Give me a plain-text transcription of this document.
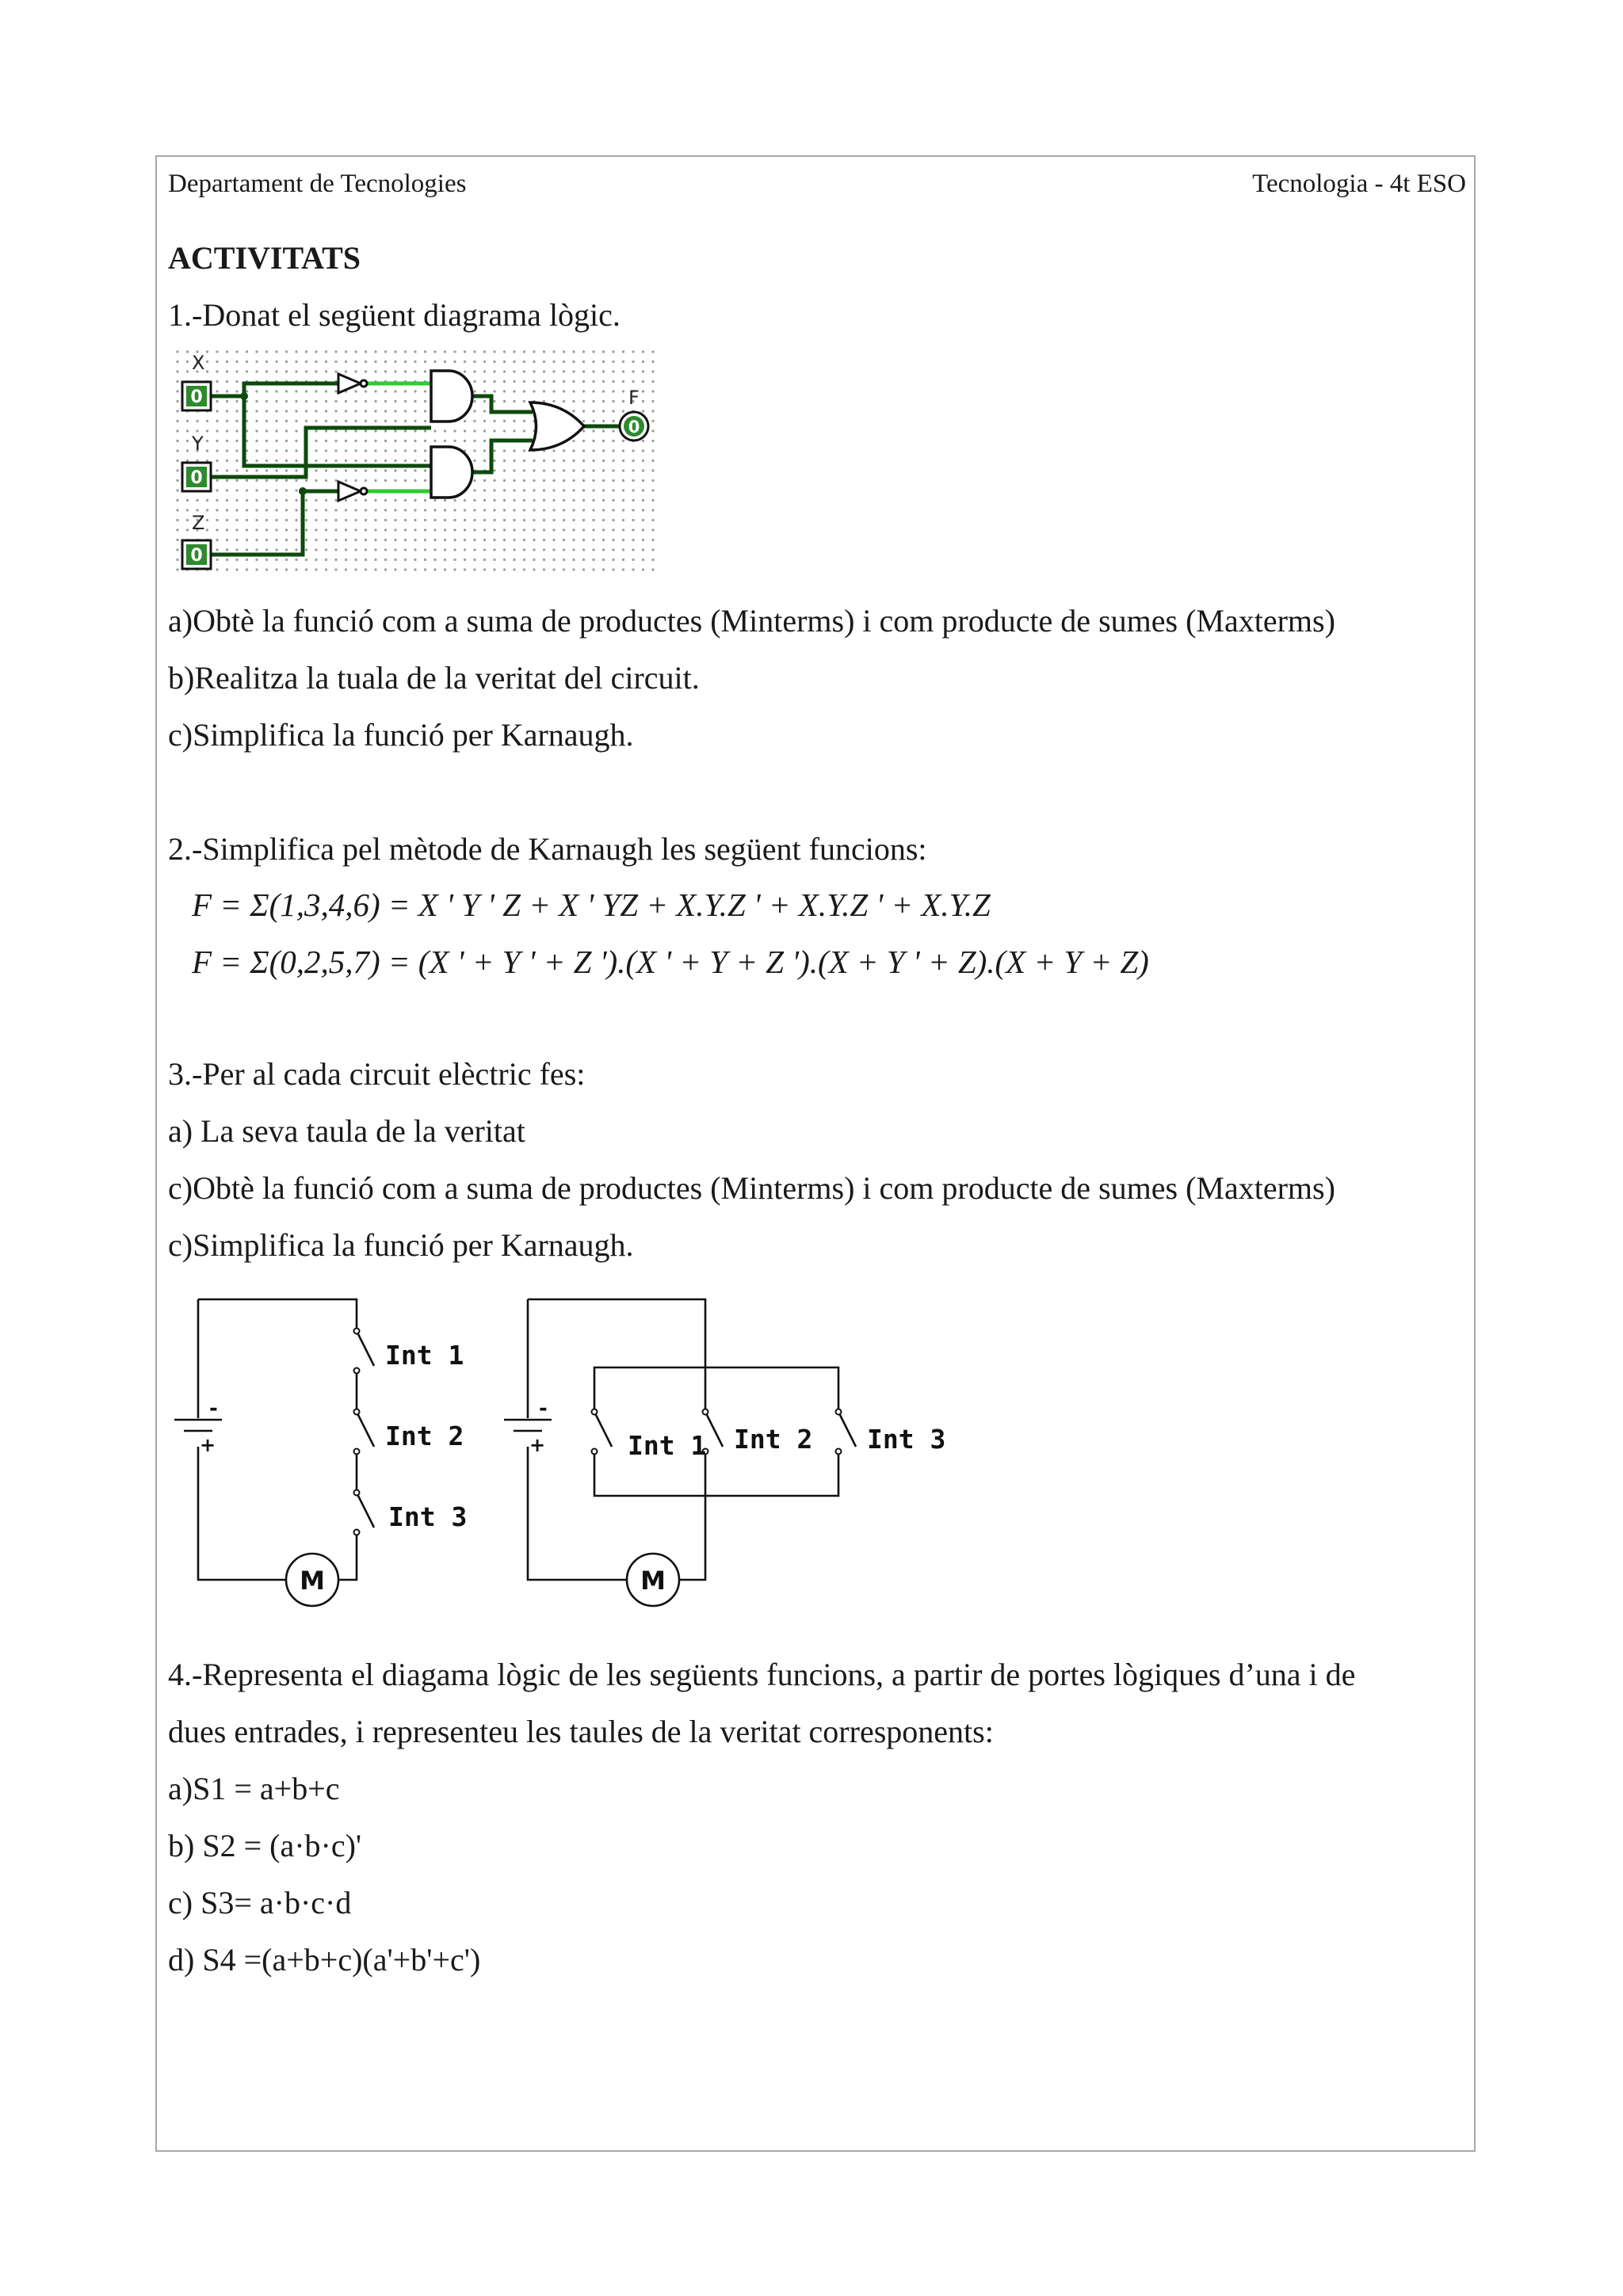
Departament de Tecnologies	Tecnologia - 4t ESO
ACTIVITATS
1.-Donat el següent diagrama lògic.
X
Y
Z
F
0
0
0
0
a)Obtè la funció com a suma de productes (Minterms) i com producte de sumes (Maxterms)
b)Realitza la tuala de la veritat del circuit.
c)Simplifica la funció per Karnaugh.
2.-Simplifica pel mètode de Karnaugh les següent funcions:
F = Σ(1,3,4,6) = X ' Y ' Z + X ' YZ + X.Y.Z ' + X.Y.Z ' + X.Y.Z
F = Σ(0,2,5,7) = (X ' + Y ' + Z ').(X ' + Y + Z ').(X + Y ' + Z).(X + Y + Z)
3.-Per al cada circuit elèctric fes:
a) La seva taula de la veritat
c)Obtè la funció com a suma de productes (Minterms) i com producte de sumes (Maxterms)
c)Simplifica la funció per Karnaugh.
M
-
+
Int 1
Int 2
Int 3
M
-
+	Int 1 Int 2 Int 3
4.-Representa el diagama lògic de les següents funcions, a partir de portes lògiques d’una i de
dues entrades, i representeu les taules de la veritat corresponents:
a)S1 = a+b+c
b) S2 = (a·b·c)'
c) S3= a·b·c·d
d) S4 =(a+b+c)(a'+b'+c')
